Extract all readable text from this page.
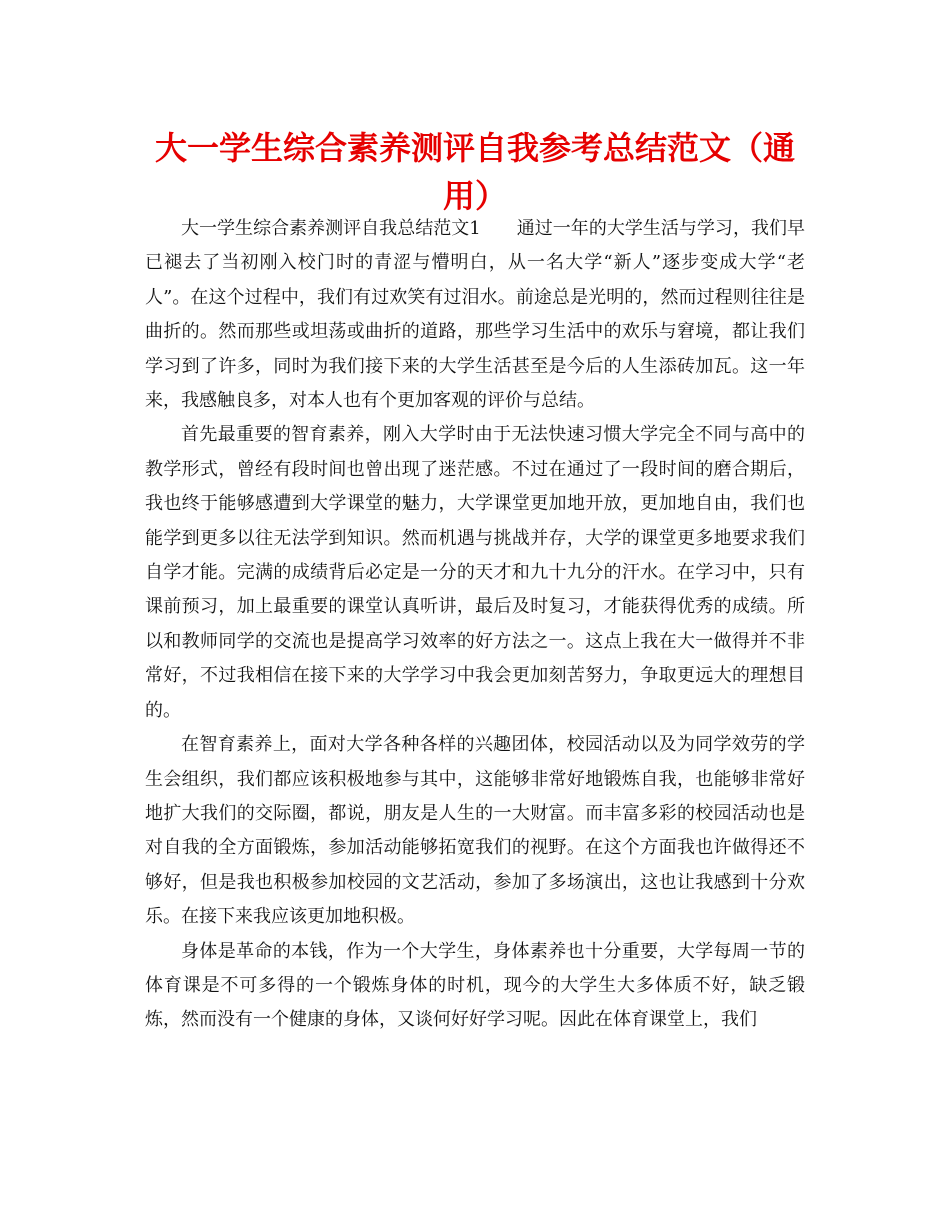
大一学生综合素养测评自我参考总结范文（通用）

大一学生综合素养测评自我总结范文1　　通过一年的大学生活与学习，我们早已褪去了当初刚入校门时的青涩与懵明白，从一名大学“新人”逐步变成大学“老人”。在这个过程中，我们有过欢笑有过泪水。前途总是光明的，然而过程则往往是曲折的。然而那些或坦荡或曲折的道路，那些学习生活中的欢乐与窘境，都让我们学习到了许多，同时为我们接下来的大学生活甚至是今后的人生添砖加瓦。这一年来，我感触良多，对本人也有个更加客观的评价与总结。

首先最重要的智育素养，刚入大学时由于无法快速习惯大学完全不同与高中的教学形式，曾经有段时间也曾出现了迷茫感。不过在通过了一段时间的磨合期后，我也终于能够感遭到大学课堂的魅力，大学课堂更加地开放，更加地自由，我们也能学到更多以往无法学到知识。然而机遇与挑战并存，大学的课堂更多地要求我们自学才能。完满的成绩背后必定是一分的天才和九十九分的汗水。在学习中，只有课前预习，加上最重要的课堂认真听讲，最后及时复习，才能获得优秀的成绩。所以和教师同学的交流也是提高学习效率的好方法之一。这点上我在大一做得并不非常好，不过我相信在接下来的大学学习中我会更加刻苦努力，争取更远大的理想目的。

在智育素养上，面对大学各种各样的兴趣团体，校园活动以及为同学效劳的学生会组织，我们都应该积极地参与其中，这能够非常好地锻炼自我，也能够非常好地扩大我们的交际圈，都说，朋友是人生的一大财富。而丰富多彩的校园活动也是对自我的全方面锻炼，参加活动能够拓宽我们的视野。在这个方面我也许做得还不够好，但是我也积极参加校园的文艺活动，参加了多场演出，这也让我感到十分欢乐。在接下来我应该更加地积极。

身体是革命的本钱，作为一个大学生，身体素养也十分重要，大学每周一节的体育课是不可多得的一个锻炼身体的时机，现今的大学生大多体质不好，缺乏锻炼，然而没有一个健康的身体，又谈何好好学习呢。因此在体育课堂上，我们
